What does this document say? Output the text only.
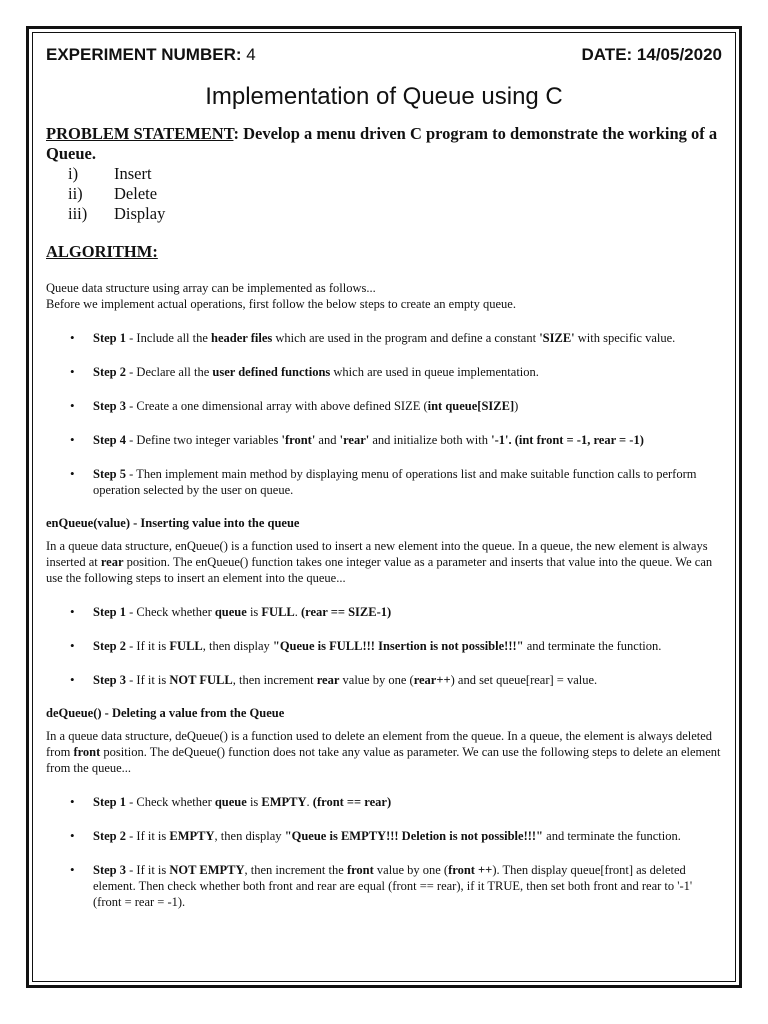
EXPERIMENT NUMBER: 4	DATE: 14/05/2020
Implementation of Queue using C
PROBLEM STATEMENT: Develop a menu driven C program to demonstrate the working of a Queue.
i)	Insert
ii)	Delete
iii)	Display
ALGORITHM:
Queue data structure using array can be implemented as follows...
Before we implement actual operations, first follow the below steps to create an empty queue.
• Step 1 - Include all the header files which are used in the program and define a constant 'SIZE' with specific value.
• Step 2 - Declare all the user defined functions which are used in queue implementation.
• Step 3 - Create a one dimensional array with above defined SIZE (int queue[SIZE])
• Step 4 - Define two integer variables 'front' and 'rear' and initialize both with '-1'. (int front = -1, rear = -1)
• Step 5 - Then implement main method by displaying menu of operations list and make suitable function calls to perform operation selected by the user on queue.
enQueue(value) - Inserting value into the queue
In a queue data structure, enQueue() is a function used to insert a new element into the queue. In a queue, the new element is always inserted at rear position. The enQueue() function takes one integer value as a parameter and inserts that value into the queue. We can use the following steps to insert an element into the queue...
• Step 1 - Check whether queue is FULL. (rear == SIZE-1)
• Step 2 - If it is FULL, then display "Queue is FULL!!! Insertion is not possible!!!" and terminate the function.
• Step 3 - If it is NOT FULL, then increment rear value by one (rear++) and set queue[rear] = value.
deQueue() - Deleting a value from the Queue
In a queue data structure, deQueue() is a function used to delete an element from the queue. In a queue, the element is always deleted from front position. The deQueue() function does not take any value as parameter. We can use the following steps to delete an element from the queue...
• Step 1 - Check whether queue is EMPTY. (front == rear)
• Step 2 - If it is EMPTY, then display "Queue is EMPTY!!! Deletion is not possible!!!" and terminate the function.
• Step 3 - If it is NOT EMPTY, then increment the front value by one (front ++). Then display queue[front] as deleted element. Then check whether both front and rear are equal (front == rear), if it TRUE, then set both front and rear to '-1' (front = rear = -1).
